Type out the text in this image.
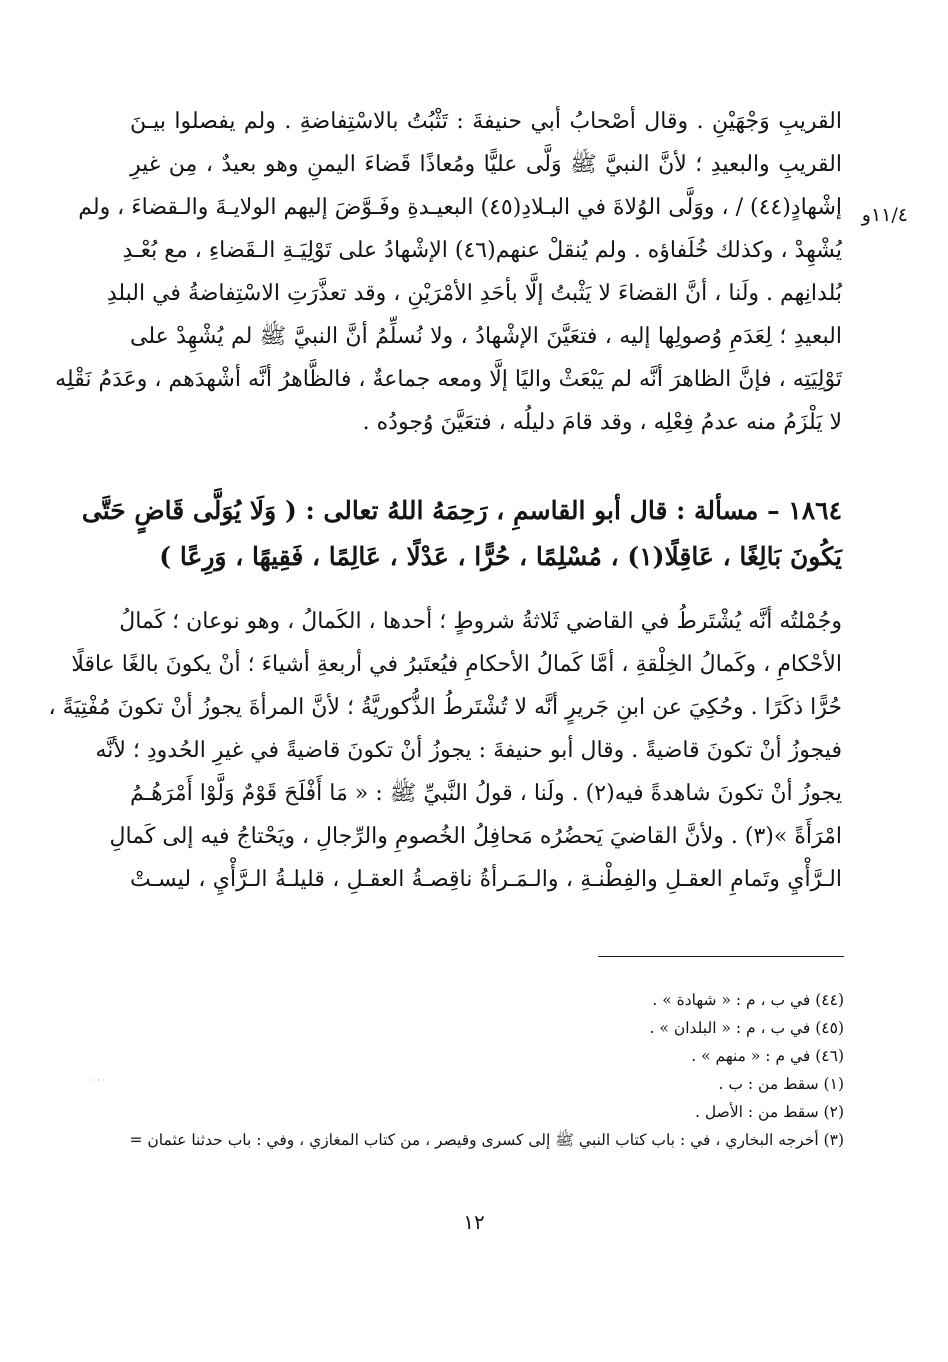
القريبِ وَجْهَيْنِ . وقال أصْحابُ أبي حنيفةَ : تَثْبُتُ بالاسْتِفاضةِ . ولم يفصلوا بيـنَ
القريبِ والبعيدِ ؛ لأنَّ النبيَّ ﷺ وَلَّى عليًّا ومُعاذًا قَضاءَ اليمنِ وهو بعيدٌ ، مِن غيرِ
إشْهادٍ(٤٤) / ، ووَلَّى الوُلاةَ في البـلادِ(٤٥) البعيـدةِ وفَـوَّضَ إليهم الولايـةَ والـقضاءَ ، ولم
يُشْهِدْ ، وكذلك خُلَفاؤه . ولم يُنقلْ عنهم(٤٦) الإشْهادُ على تَوْلِيَـةِ الـقَضاءِ ، مع بُعْـدِ
بُلدانِهم . ولَنا ، أنَّ القضاءَ لا يَثْبتُ إلَّا بأحَدِ الأمْرَيْنِ ، وقد تعذَّرَتِ الاسْتِفاضةُ في البلدِ
البعيدِ ؛ لِعَدَمِ وُصولِها إليه ، فتعَيَّنَ الإشْهادُ ، ولا نُسلِّمُ أنَّ النبيَّ ﷺ لم يُشْهِدْ على
تَوْلِيَتِه ، فإنَّ الظاهرَ أنَّه لم يَبْعَثْ واليًا إلَّا ومعه جماعةٌ ، فالظَّاهرُ أنَّه أشْهدَهم ، وعَدَمُ نَقْلِه
لا يَلْزَمُ منه عدمُ فِعْلِه ، وقد قامَ دليلُه ، فتعَيَّنَ وُجودُه .
١١/٤و
١٨٦٤ – مسألة : قال أبو القاسمِ ، رَحِمَهُ اللهُ تعالى : ( وَلَا يُوَلَّى قَاضٍ حَتَّى
يَكُونَ بَالِغًا ، عَاقِلًا(١) ، مُسْلِمًا ، حُرًّا ، عَدْلًا ، عَالِمًا ، فَقِيهًا ، وَرِعًا )
وجُمْلتُه أنَّه يُشْتَرطُ في القاضي ثَلاثةُ شروطٍ ؛ أحدها ، الكَمالُ ، وهو نوعان ؛ كَمالُ
الأحْكامِ ، وكَمالُ الخِلْقةِ ، أمَّا كَمالُ الأحكامِ فيُعتَبرُ في أربعةِ أشياءَ ؛ أنْ يكونَ بالغًا عاقلًا
حُرًّا ذكَرًا . وحُكِيَ عن ابنِ جَريرٍ أنَّه لا تُشْتَرطُ الذُّكوريَّةُ ؛ لأنَّ المرأةَ يجوزُ أنْ تكونَ مُفْتِيَةً ،
فيجوزُ أنْ تكونَ قاضيةً . وقال أبو حنيفةَ : يجوزُ أنْ تكونَ قاضيةً في غيرِ الحُدودِ ؛ لأنَّه
يجوزُ أنْ تكونَ شاهدةً فيه(٢) . ولَنا ، قولُ النَّبيِّ ﷺ : « مَا أَفْلَحَ قَوْمٌ وَلَّوْا أَمْرَهُـمُ
امْرَأَةً »(٣) . ولأنَّ القاضيَ يَحضُرُه مَحافِلُ الخُصومِ والرِّجالِ ، ويَحْتاجُ فيه إلى كَمالِ
الـرَّأْيِ وتَمامِ العقـلِ والفِطْنـةِ ، والـمَـرأةُ ناقِصـةُ العقـلِ ، قليلـةُ الـرَّأْيِ ، ليسـتْ
(٤٤) في ب ، م : « شهادة » .
(٤٥) في ب ، م : « البلدان » .
(٤٦) في م : « منهم » .
(١) سقط من : ب .
(٢) سقط من : الأصل .
(٣) أخرجه البخاري ، في : باب كتاب النبي ﷺ إلى كسرى وقيصر ، من كتاب المغازي ، وفي : باب حدثنا عثمان =
١٢
· · ·
